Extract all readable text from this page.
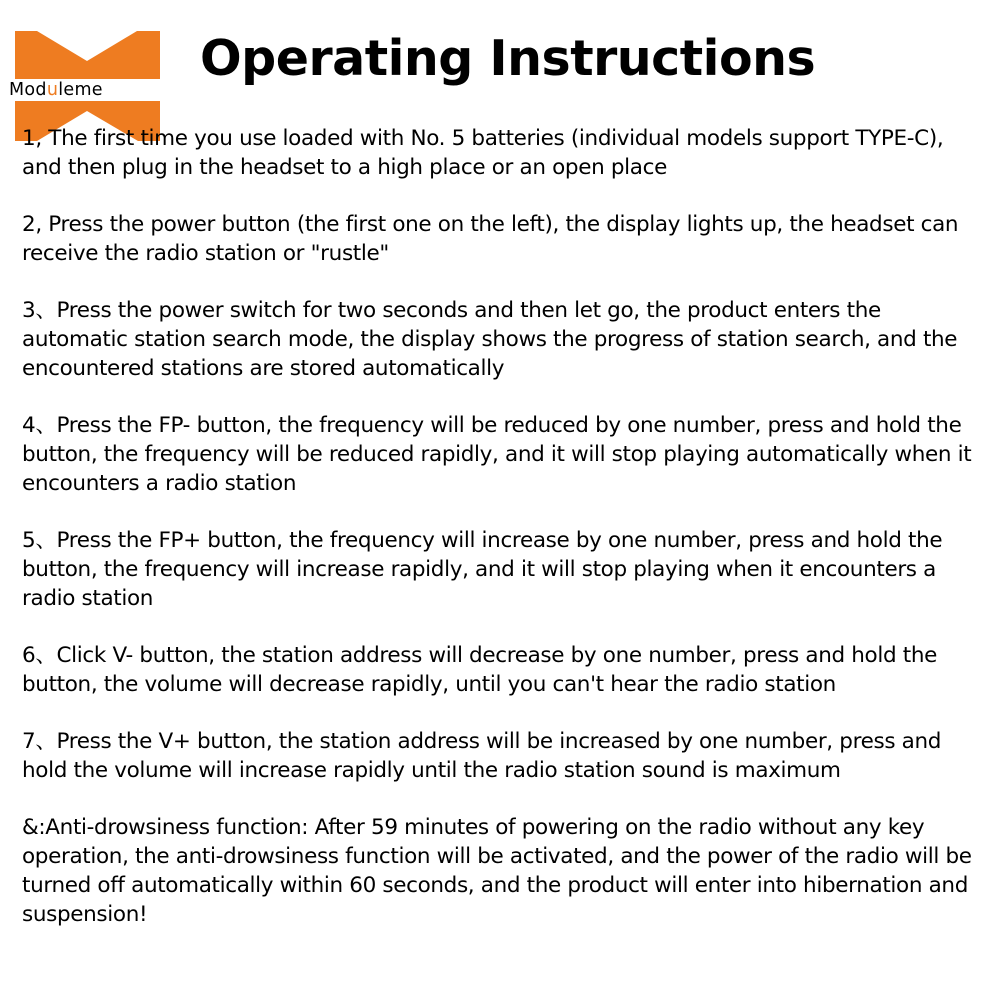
Moduleme
Operating Instructions

1, The first time you use loaded with No. 5 batteries (individual models support TYPE-C), and then plug in the headset to a high place or an open place

2, Press the power button (the first one on the left), the display lights up, the headset can receive the radio station or "rustle"

3、Press the power switch for two seconds and then let go, the product enters the automatic station search mode, the display shows the progress of station search, and the encountered stations are stored automatically

4、Press the FP- button, the frequency will be reduced by one number, press and hold the button, the frequency will be reduced rapidly, and it will stop playing automatically when it encounters a radio station

5、Press the FP+ button, the frequency will increase by one number, press and hold the button, the frequency will increase rapidly, and it will stop playing when it encounters a radio station

6、Click V- button, the station address will decrease by one number, press and hold the button, the volume will decrease rapidly, until you can't hear the radio station

7、Press the V+ button, the station address will be increased by one number, press and hold the volume will increase rapidly until the radio station sound is maximum

&:Anti-drowsiness function: After 59 minutes of powering on the radio without any key operation, the anti-drowsiness function will be activated, and the power of the radio will be turned off automatically within 60 seconds, and the product will enter into hibernation and suspension!
